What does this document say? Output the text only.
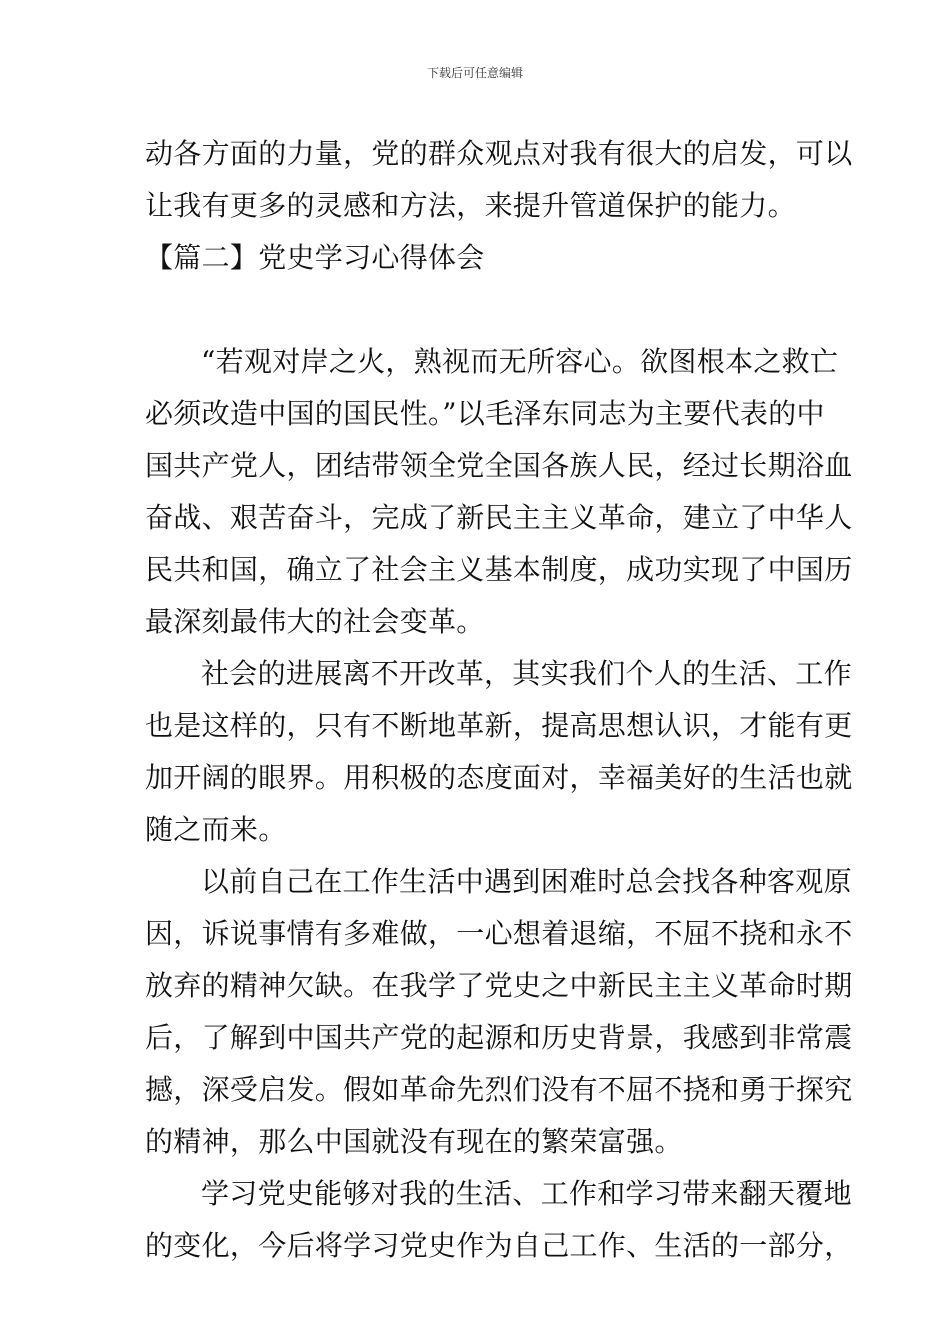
下载后可任意编辑
动各方面的力量，党的群众观点对我有很大的启发，可以
让我有更多的灵感和方法，来提升管道保护的能力。
【篇二】党史学习心得体会
“若观对岸之火，熟视而无所容心。欲图根本之救亡
必须改造中国的国民性。”以毛泽东同志为主要代表的中
国共产党人，团结带领全党全国各族人民，经过长期浴血
奋战、艰苦奋斗，完成了新民主主义革命，建立了中华人
民共和国，确立了社会主义基本制度，成功实现了中国历
最深刻最伟大的社会变革。
社会的进展离不开改革，其实我们个人的生活、工作
也是这样的，只有不断地革新，提高思想认识，才能有更
加开阔的眼界。用积极的态度面对，幸福美好的生活也就
随之而来。
以前自己在工作生活中遇到困难时总会找各种客观原
因，诉说事情有多难做，一心想着退缩，不屈不挠和永不
放弃的精神欠缺。在我学了党史之中新民主主义革命时期
后，了解到中国共产党的起源和历史背景，我感到非常震
撼，深受启发。假如革命先烈们没有不屈不挠和勇于探究
的精神，那么中国就没有现在的繁荣富强。
学习党史能够对我的生活、工作和学习带来翻天覆地
的变化，今后将学习党史作为自己工作、生活的一部分，
